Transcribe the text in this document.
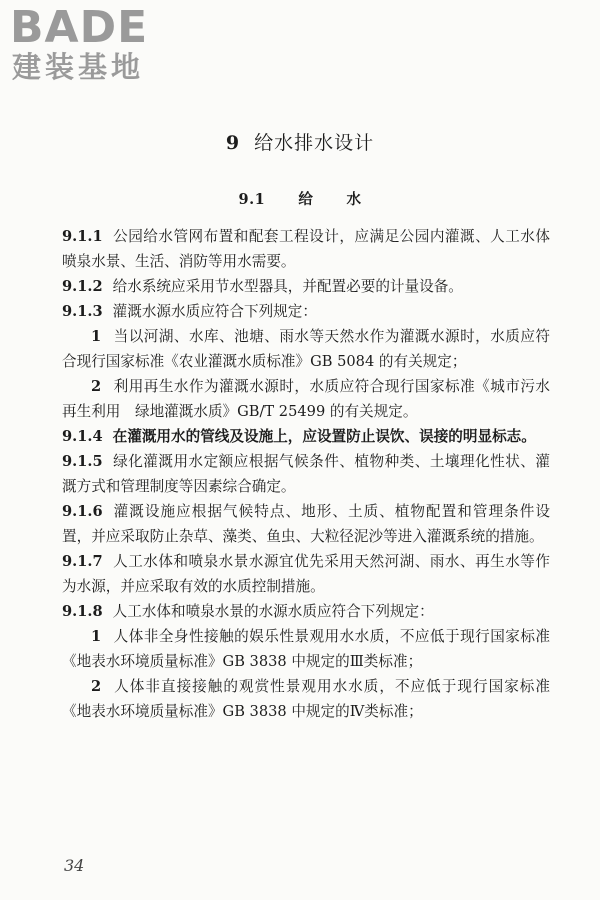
BADE
建装基地
9 给水排水设计
9.1 给 水

9.1.1 公园给水管网布置和配套工程设计，应满足公园内灌溉、人工水体喷泉水景、生活、消防等用水需要。

9.1.2 给水系统应采用节水型器具，并配置必要的计量设备。

9.1.3 灌溉水源水质应符合下列规定：

1 当以河湖、水库、池塘、雨水等天然水作为灌溉水源时，水质应符合现行国家标准《农业灌溉水质标准》GB 5084 的有关规定；

2 利用再生水作为灌溉水源时，水质应符合现行国家标准《城市污水再生利用　绿地灌溉水质》GB/T 25499 的有关规定。

9.1.4 在灌溉用水的管线及设施上，应设置防止误饮、误接的明显标志。

9.1.5 绿化灌溉用水定额应根据气候条件、植物种类、土壤理化性状、灌溉方式和管理制度等因素综合确定。

9.1.6 灌溉设施应根据气候特点、地形、土质、植物配置和管理条件设置，并应采取防止杂草、藻类、鱼虫、大粒径泥沙等进入灌溉系统的措施。

9.1.7 人工水体和喷泉水景水源宜优先采用天然河湖、雨水、再生水等作为水源，并应采取有效的水质控制措施。

9.1.8 人工水体和喷泉水景的水源水质应符合下列规定：

1 人体非全身性接触的娱乐性景观用水水质，不应低于现行国家标准《地表水环境质量标准》GB 3838 中规定的Ⅲ类标准；

2 人体非直接接触的观赏性景观用水水质，不应低于现行国家标准《地表水环境质量标准》GB 3838 中规定的Ⅳ类标准；

34
